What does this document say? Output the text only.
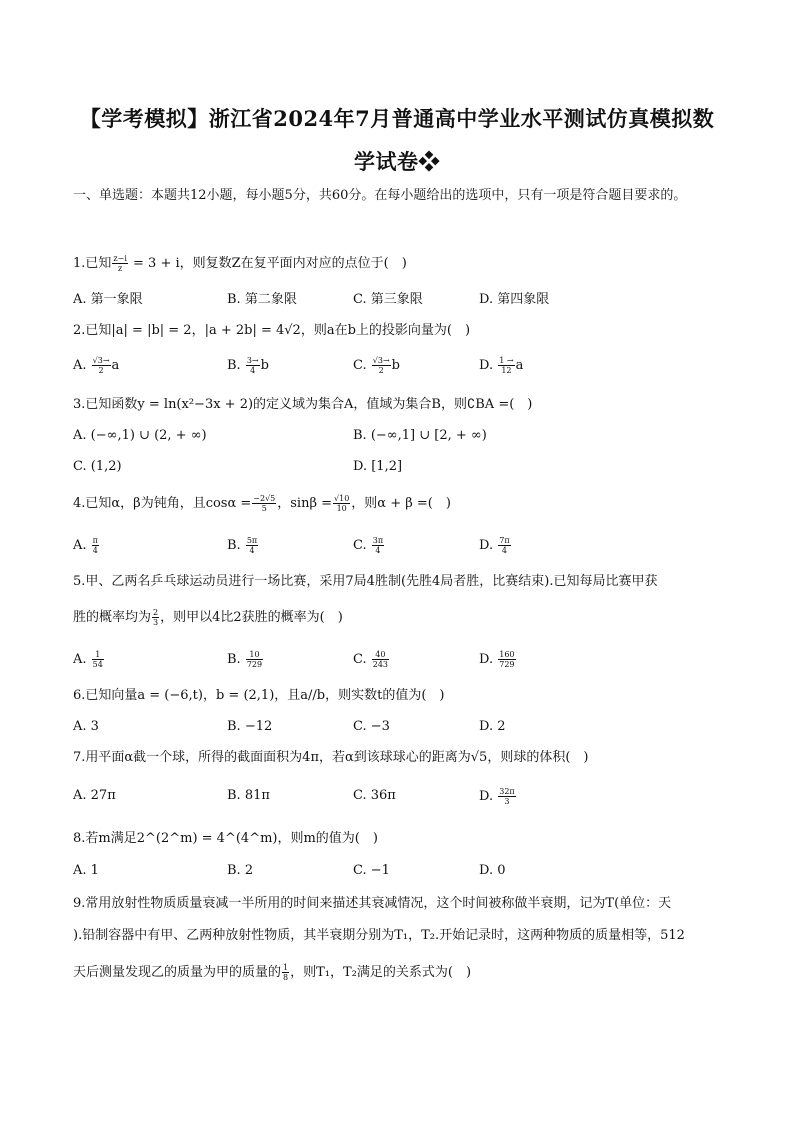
【学考模拟】浙江省2024年7月普通高中学业水平测试仿真模拟数
学试卷❖
一、单选题：本题共12小题，每小题5分，共60分。在每小题给出的选项中，只有一项是符合题目要求的。
1.已知 $\frac{z-i}{z} = 3 + i$，则复数Z在复平面内对应的点位于(　)
A. 第一象限	B. 第二象限	C. 第三象限	D. 第四象限
2.已知|a| = |b| = 2，|a + 2b| = 4√2，则a在b上的投影向量为(　)
A. $\frac{√3\to}{2}$ a	B. $\frac{3\to}{4}$ b	C. $\frac{√3\to}{2}$ b	D. $\frac{1 \to}{12}$ a
3.已知函数y = ln(x²−3x + 2)的定义域为集合A，值域为集合B，则∁BA =(　)
A. (−∞,1) ∪ (2, + ∞)	B. (−∞,1] ∪ [2, + ∞)
C. (1,2)	D. [1,2]
4.已知α，β为钝角，且$\cos\alpha = \frac{-2√5}{5}$ ，$\sin\beta = \frac{√10}{10}$ ，则α + β =(　)
A. $\frac{\pi}{4}$	B. $\frac{5\pi}{4}$	C. $\frac{3\pi}{4}$	D. $\frac{7\pi}{4}$
5.甲、乙两名乒乓球运动员进行一场比赛，采用7局4胜制(先胜4局者胜，比赛结束).已知每局比赛甲获
胜的概率均为 $\frac{2}{3}$ ，则甲以4比2获胜的概率为(　)
A. $\frac{1}{54}$	B. $\frac{10}{729}$	C. $\frac{40}{243}$	D. $\frac{160}{729}$
6.已知向量a = (−6,t)，b = (2,1)，且a//b，则实数t的值为(　)
A. 3	B. −12	C. −3	D. 2
7.用平面α截一个球，所得的截面面积为4π，若α到该球球心的距离为√5，则球的体积(　)
A. 27π	B. 81π	C. 36π	D. $\frac{32\pi}{3}$
8.若m满足2^(2^m) = 4^(4^m)，则m的值为(　)
A. 1	B. 2	C. −1	D. 0
9.常用放射性物质质量衰减一半所用的时间来描述其衰减情况，这个时间被称做半衰期，记为T(单位：天
).铅制容器中有甲、乙两种放射性物质，其半衰期分别为T₁，T₂.开始记录时，这两种物质的质量相等，512
天后测量发现乙的质量为甲的质量的 $\frac{1}{8}$ ，则T₁，T₂满足的关系式为(　)
